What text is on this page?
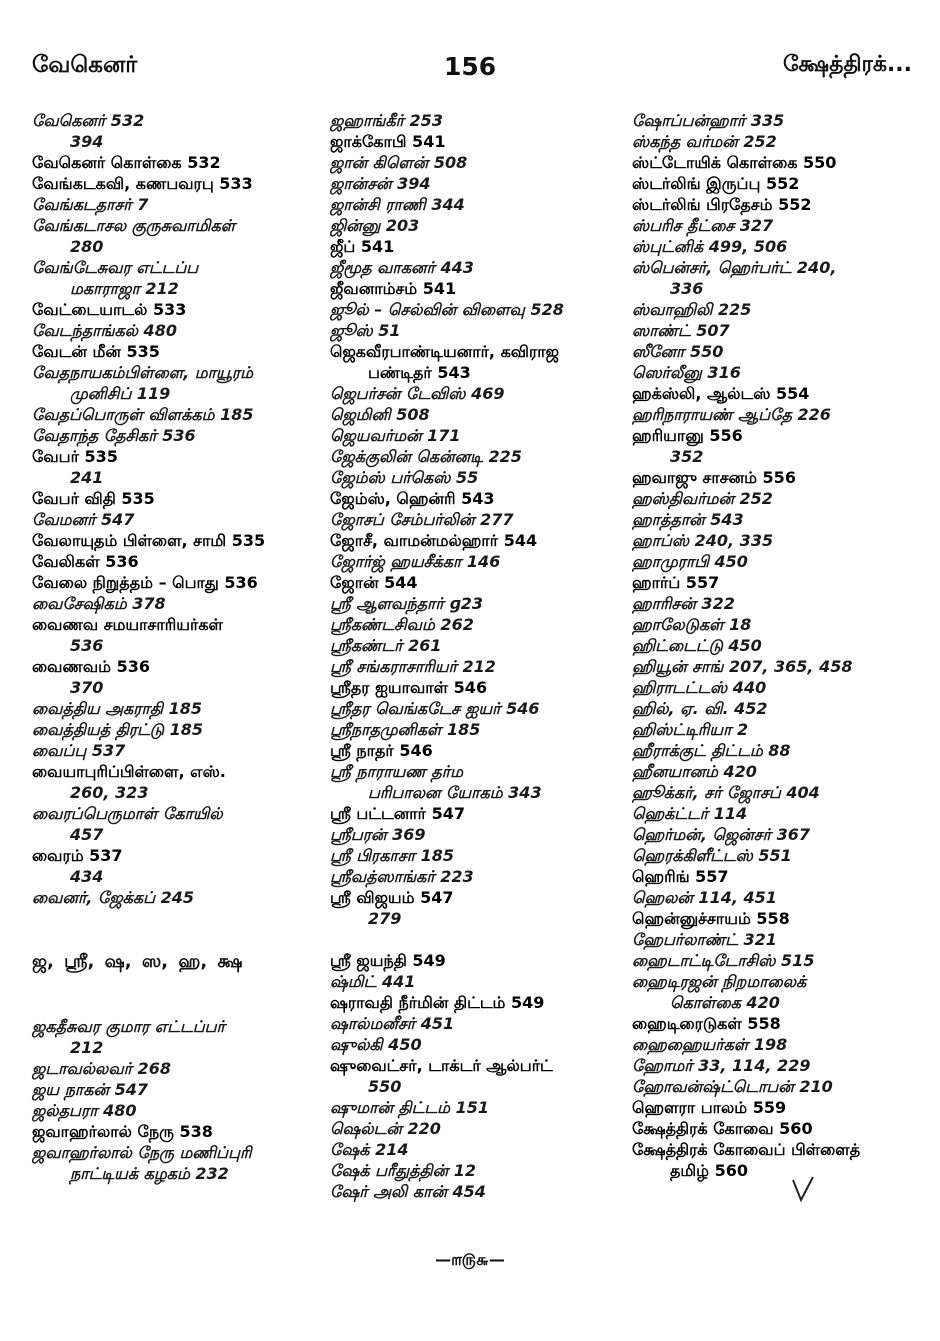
வேகெனர்	156	க்ஷேத்திரக்...
வேகெனர் 532
394
வேகெனர் கொள்கை 532
வேங்கடகவி, கணபவரபு 533
வேங்கடதாசர் 7
வேங்கடாசல குருசுவாமிகள்
280
வேங்டேசுவர எட்டப்ப
மகாராஜா 212
வேட்டையாடல் 533
வேடந்தாங்கல் 480
வேடன் மீன் 535
வேதநாயகம்பிள்ளை, மாயூரம்
முனிசிப் 119
வேதப்பொருள் விளக்கம் 185
வேதாந்த தேசிகர் 536
வேபர் 535
241
வேபர் விதி 535
வேமனர் 547
வேலாயுதம் பிள்ளை, சாமி 535
வேலிகள் 536
வேலை நிறுத்தம் – பொது 536
வைசேஷிகம் 378
வைணவ சமயாசாரியர்கள்
536
வைணவம் 536
370
வைத்திய அகராதி 185
வைத்தியத் திரட்டு 185
வைப்பு 537
வையாபுரிப்பிள்ளை, எஸ்.
260, 323
வைரப்பெருமாள் கோயில்
457
வைரம் 537
434
வைனர், ஜேக்கப் 245
ஜ, ஸ்ரீ, ஷ, ஸ, ஹ, க்ஷ
ஜகதீசுவர குமார எட்டப்பர்
212
ஜடாவல்லவர் 268
ஜய நாகன் 547
ஜல்தபரா 480
ஜவாஹர்லால் நேரு 538
ஜவாஹர்லால் நேரு மணிப்புரி
நாட்டியக் கழகம் 232
ஜஹாங்கீர் 253
ஜாக்கோபி 541
ஜான் கிளென் 508
ஜான்சன் 394
ஜான்சி ராணி 344
ஜின்னு 203
ஜீப் 541
ஜீமூத வாகனர் 443
ஜீவனாம்சம் 541
ஜூல் – செல்வின் விளைவு 528
ஜூஸ் 51
ஜெகவீரபாண்டியனார், கவிராஜ
பண்டிதர் 543
ஜெபர்சன் டேவிஸ் 469
ஜெமினி 508
ஜெயவர்மன் 171
ஜேக்குலின் கென்னடி 225
ஜேம்ஸ் பர்கெஸ் 55
ஜேம்ஸ், ஹென்ரி 543
ஜோசப் சேம்பர்லின் 277
ஜோசீ, வாமன்மல்ஹார் 544
ஜோர்ஜ் ஹயசீக்கா 146
ஜோன் 544
ஸ்ரீ ஆளவந்தார் ɡ23
ஸ்ரீகண்டசிவம் 262
ஸ்ரீகண்டர் 261
ஸ்ரீ சங்கராசாரியர் 212
ஸ்ரீதர ஐயாவாள் 546
ஸ்ரீதர வெங்கடேச ஐயர் 546
ஸ்ரீநாதமுனிகள் 185
ஸ்ரீ நாதர் 546
ஸ்ரீ நாராயண தர்ம
பரிபாலன யோகம் 343
ஸ்ரீ பட்டனார் 547
ஸ்ரீபரன் 369
ஸ்ரீ பிரகாசா 185
ஸ்ரீவத்ஸாங்கர் 223
ஸ்ரீ விஜயம் 547
279
ஸ்ரீ ஜயந்தி 549
ஷ்மிட் 441
ஷராவதி நீர்மின் திட்டம் 549
ஷால்மனீசர் 451
ஷுல்கி 450
ஷுவைட்சர், டாக்டர் ஆல்பர்ட்
550
ஷுமான் திட்டம் 151
ஷெல்டன் 220
ஷேக் 214
ஷேக் பரீதுத்தின் 12
ஷேர் அலி கான் 454
ஷோப்பன்ஹார் 335
ஸ்கந்த வர்மன் 252
ஸ்ட்டோயிக் கொள்கை 550
ஸ்டர்லிங் இருப்பு 552
ஸ்டர்லிங் பிரதேசம் 552
ஸ்பரிச தீட்சை 327
ஸ்புட்னிக் 499, 506
ஸ்பென்சர், ஹெர்பர்ட் 240,
336
ஸ்வாஹிலி 225
ஸாண்ட் 507
ஸீனோ 550
ஸெர்லீனு 316
ஹக்ஸ்லி, ஆல்டஸ் 554
ஹரிநாராயண் ஆப்தே 226
ஹரியானு 556
352
ஹவாஜு சாசனம் 556
ஹஸ்திவர்மன் 252
ஹாத்தான் 543
ஹாப்ஸ் 240, 335
ஹாமுராபி 450
ஹார்ப் 557
ஹாரிசன் 322
ஹாலேடுகள் 18
ஹிட்டைட்டு 450
ஹியூன் சாங் 207, 365, 458
ஹிராடட்டஸ் 440
ஹில், ஏ. வி. 452
ஹிஸ்ட்டிரியா 2
ஹீராக்குட் திட்டம் 88
ஹீனயானம் 420
ஹூக்கர், சர் ஜோசப் 404
ஹெக்ட்டர் 114
ஹெர்மன், ஜென்சர் 367
ஹெரக்கிளீட்டஸ் 551
ஹெரிங் 557
ஹெலன் 114, 451
ஹென்னுச்சாயம் 558
ஹேபர்லாண்ட் 321
ஹைடாட்டிடோசிஸ் 515
ஹைடிரஜன் நிறமாலைக்
கொள்கை 420
ஹைடிரைடுகள் 558
ஹைஹையர்கள் 198
ஹோமர் 33, 114, 229
ஹோவன்ஷ்ட்டொபன் 210
ஹௌரா பாலம் 559
க்ஷேத்திரக் கோவை 560
க்ஷேத்திரக் கோவைப் பிள்ளைத்
தமிழ் 560
—௱௫௬—
